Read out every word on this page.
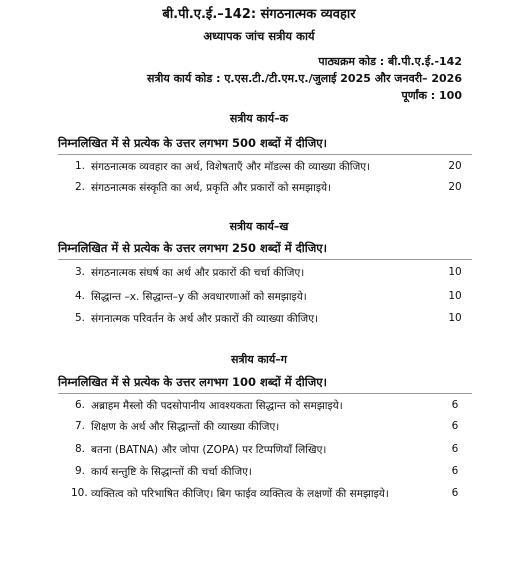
बी.पी.ए.ई.–142: संगठनात्मक व्यवहार
अध्यापक जांच सत्रीय कार्य
पाठ्यक्रम कोड : बी.पी.ए.ई.-142
सत्रीय कार्य कोड : ए.एस.टी./टी.एम.ए./जुलाई 2025 और जनवरी– 2026
पूर्णांक : 100
सत्रीय कार्य–क
निम्नलिखित में से प्रत्येक के उत्तर लगभग 500 शब्दों में दीजिए।
1. संगठनात्मक व्यवहार का अर्थ, विशेषताएँ और मॉडल्स की व्याख्या कीजिए।	20
2. संगठनात्मक संस्कृति का अर्थ, प्रकृति और प्रकारों को समझाइये।	20
सत्रीय कार्य–ख
निम्नलिखित में से प्रत्येक के उत्तर लगभग 250 शब्दों में दीजिए।
3. संगठनात्मक संघर्ष का अर्थ और प्रकारों की चर्चा कीजिए।	10
4. सिद्धान्त –x. सिद्धान्त–y की अवधारणाओं को समझाइये।	10
5. संगनात्मक परिवर्तन के अर्थ और प्रकारों की व्याख्या कीजिए।	10
सत्रीय कार्य–ग
निम्नलिखित में से प्रत्येक के उत्तर लगभग 100 शब्दों में दीजिए।
6. अब्राहम मैस्लो की पदसोपानीय आवश्यकता सिद्धान्त को समझाइये।	6
7. शिक्षण के अर्थ और सिद्धान्तों की व्याख्या कीजिए।	6
8. बतना (BATNA) और जोपा (ZOPA) पर टिप्पणियाँ लिखिए।	6
9. कार्य सन्तुष्टि के सिद्धान्तों की चर्चा कीजिए।	6
10. व्यक्तित्व को परिभाषित कीजिए। बिग फाईव व्यक्तित्व के लक्षणों की समझाइये।	6
